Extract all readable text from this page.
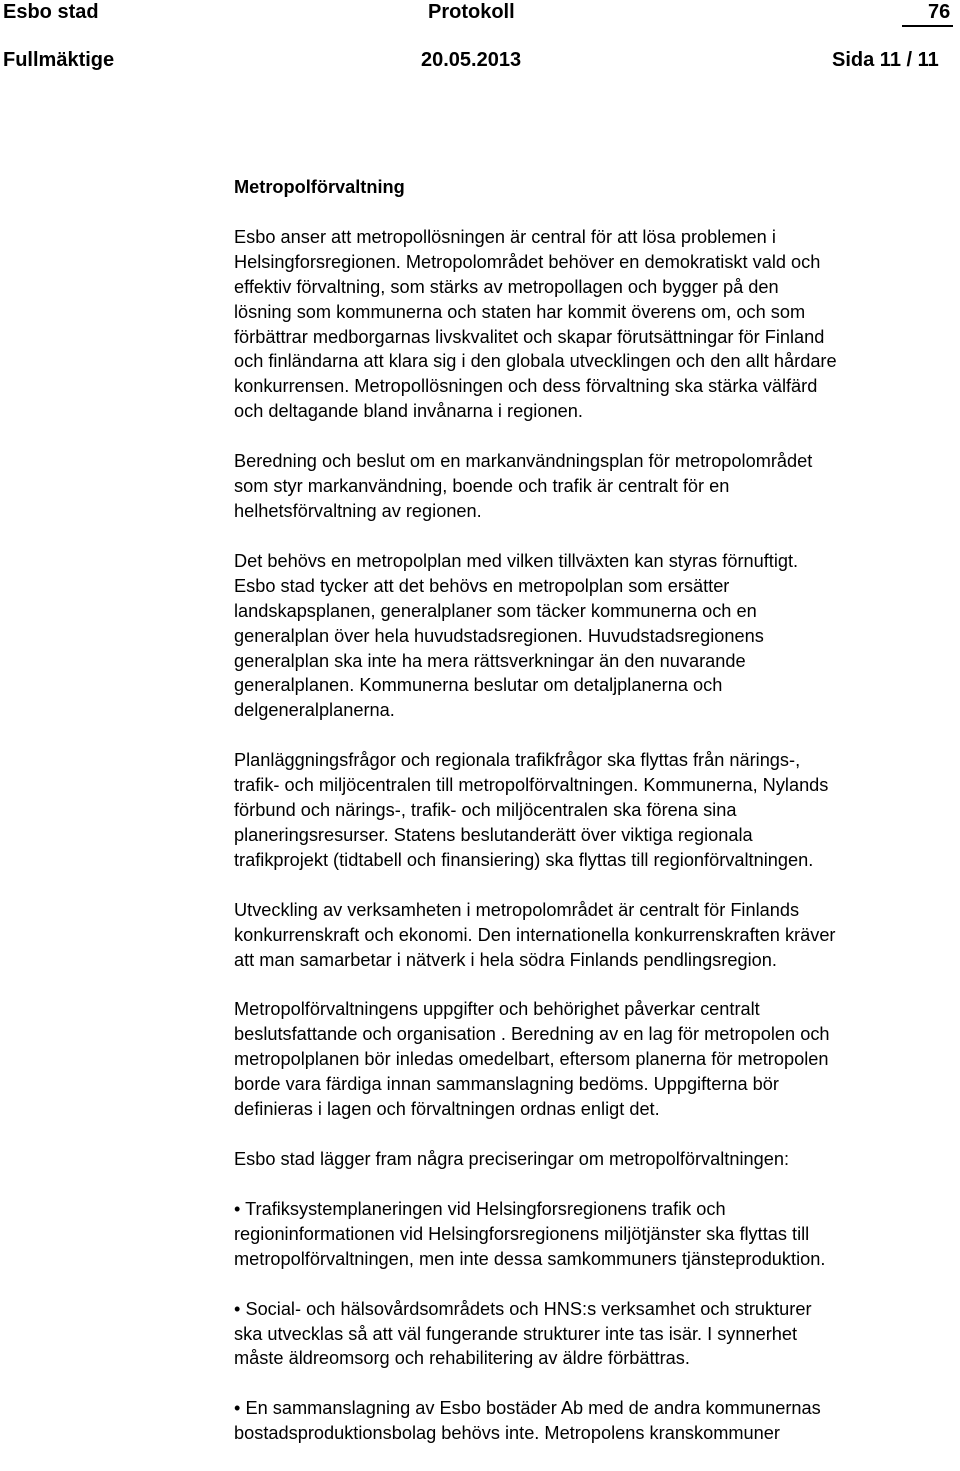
Esbo stad	Protokoll	76
Fullmäktige	20.05.2013	Sida 11 / 11
Metropolförvaltning

Esbo anser att metropollösningen är central för att lösa problemen i
Helsingforsregionen. Metropolområdet behöver en demokratiskt vald och
effektiv förvaltning, som stärks av metropollagen och bygger på den
lösning som kommunerna och staten har kommit överens om, och som
förbättrar medborgarnas livskvalitet och skapar förutsättningar för Finland
och finländarna att klara sig i den globala utvecklingen och den allt hårdare
konkurrensen. Metropollösningen och dess förvaltning ska stärka välfärd
och deltagande bland invånarna i regionen.

Beredning och beslut om en markanvändningsplan för metropolområdet
som styr markanvändning, boende och trafik är centralt för en
helhetsförvaltning av regionen.

Det behövs en metropolplan med vilken tillväxten kan styras förnuftigt.
Esbo stad tycker att det behövs en metropolplan som ersätter
landskapsplanen, generalplaner som täcker kommunerna och en
generalplan över hela huvudstadsregionen. Huvudstadsregionens
generalplan ska inte ha mera rättsverkningar än den nuvarande
generalplanen. Kommunerna beslutar om detaljplanerna och
delgeneralplanerna.

Planläggningsfrågor och regionala trafikfrågor ska flyttas från närings-,
trafik- och miljöcentralen till metropolförvaltningen. Kommunerna, Nylands
förbund och närings-, trafik- och miljöcentralen ska förena sina
planeringsresurser. Statens beslutanderätt över viktiga regionala
trafikprojekt (tidtabell och finansiering) ska flyttas till regionförvaltningen.

Utveckling av verksamheten i metropolområdet är centralt för Finlands
konkurrenskraft och ekonomi. Den internationella konkurrenskraften kräver
att man samarbetar i nätverk i hela södra Finlands pendlingsregion.

Metropolförvaltningens uppgifter och behörighet påverkar centralt
beslutsfattande och organisation . Beredning av en lag för metropolen och
metropolplanen bör inledas omedelbart, eftersom planerna för metropolen
borde vara färdiga innan sammanslagning bedöms. Uppgifterna bör
definieras i lagen och förvaltningen ordnas enligt det.

Esbo stad lägger fram några preciseringar om metropolförvaltningen:

• Trafiksystemplaneringen vid Helsingforsregionens trafik och
regioninformationen vid Helsingforsregionens miljötjänster ska flyttas till
metropolförvaltningen, men inte dessa samkommuners tjänsteproduktion.
• Social- och hälsovårdsområdets och HNS:s verksamhet och strukturer
ska utvecklas så att väl fungerande strukturer inte tas isär. I synnerhet
måste äldreomsorg och rehabilitering av äldre förbättras.
• En sammanslagning av Esbo bostäder Ab med de andra kommunernas
bostadsproduktionsbolag behövs inte. Metropolens kranskommuner
